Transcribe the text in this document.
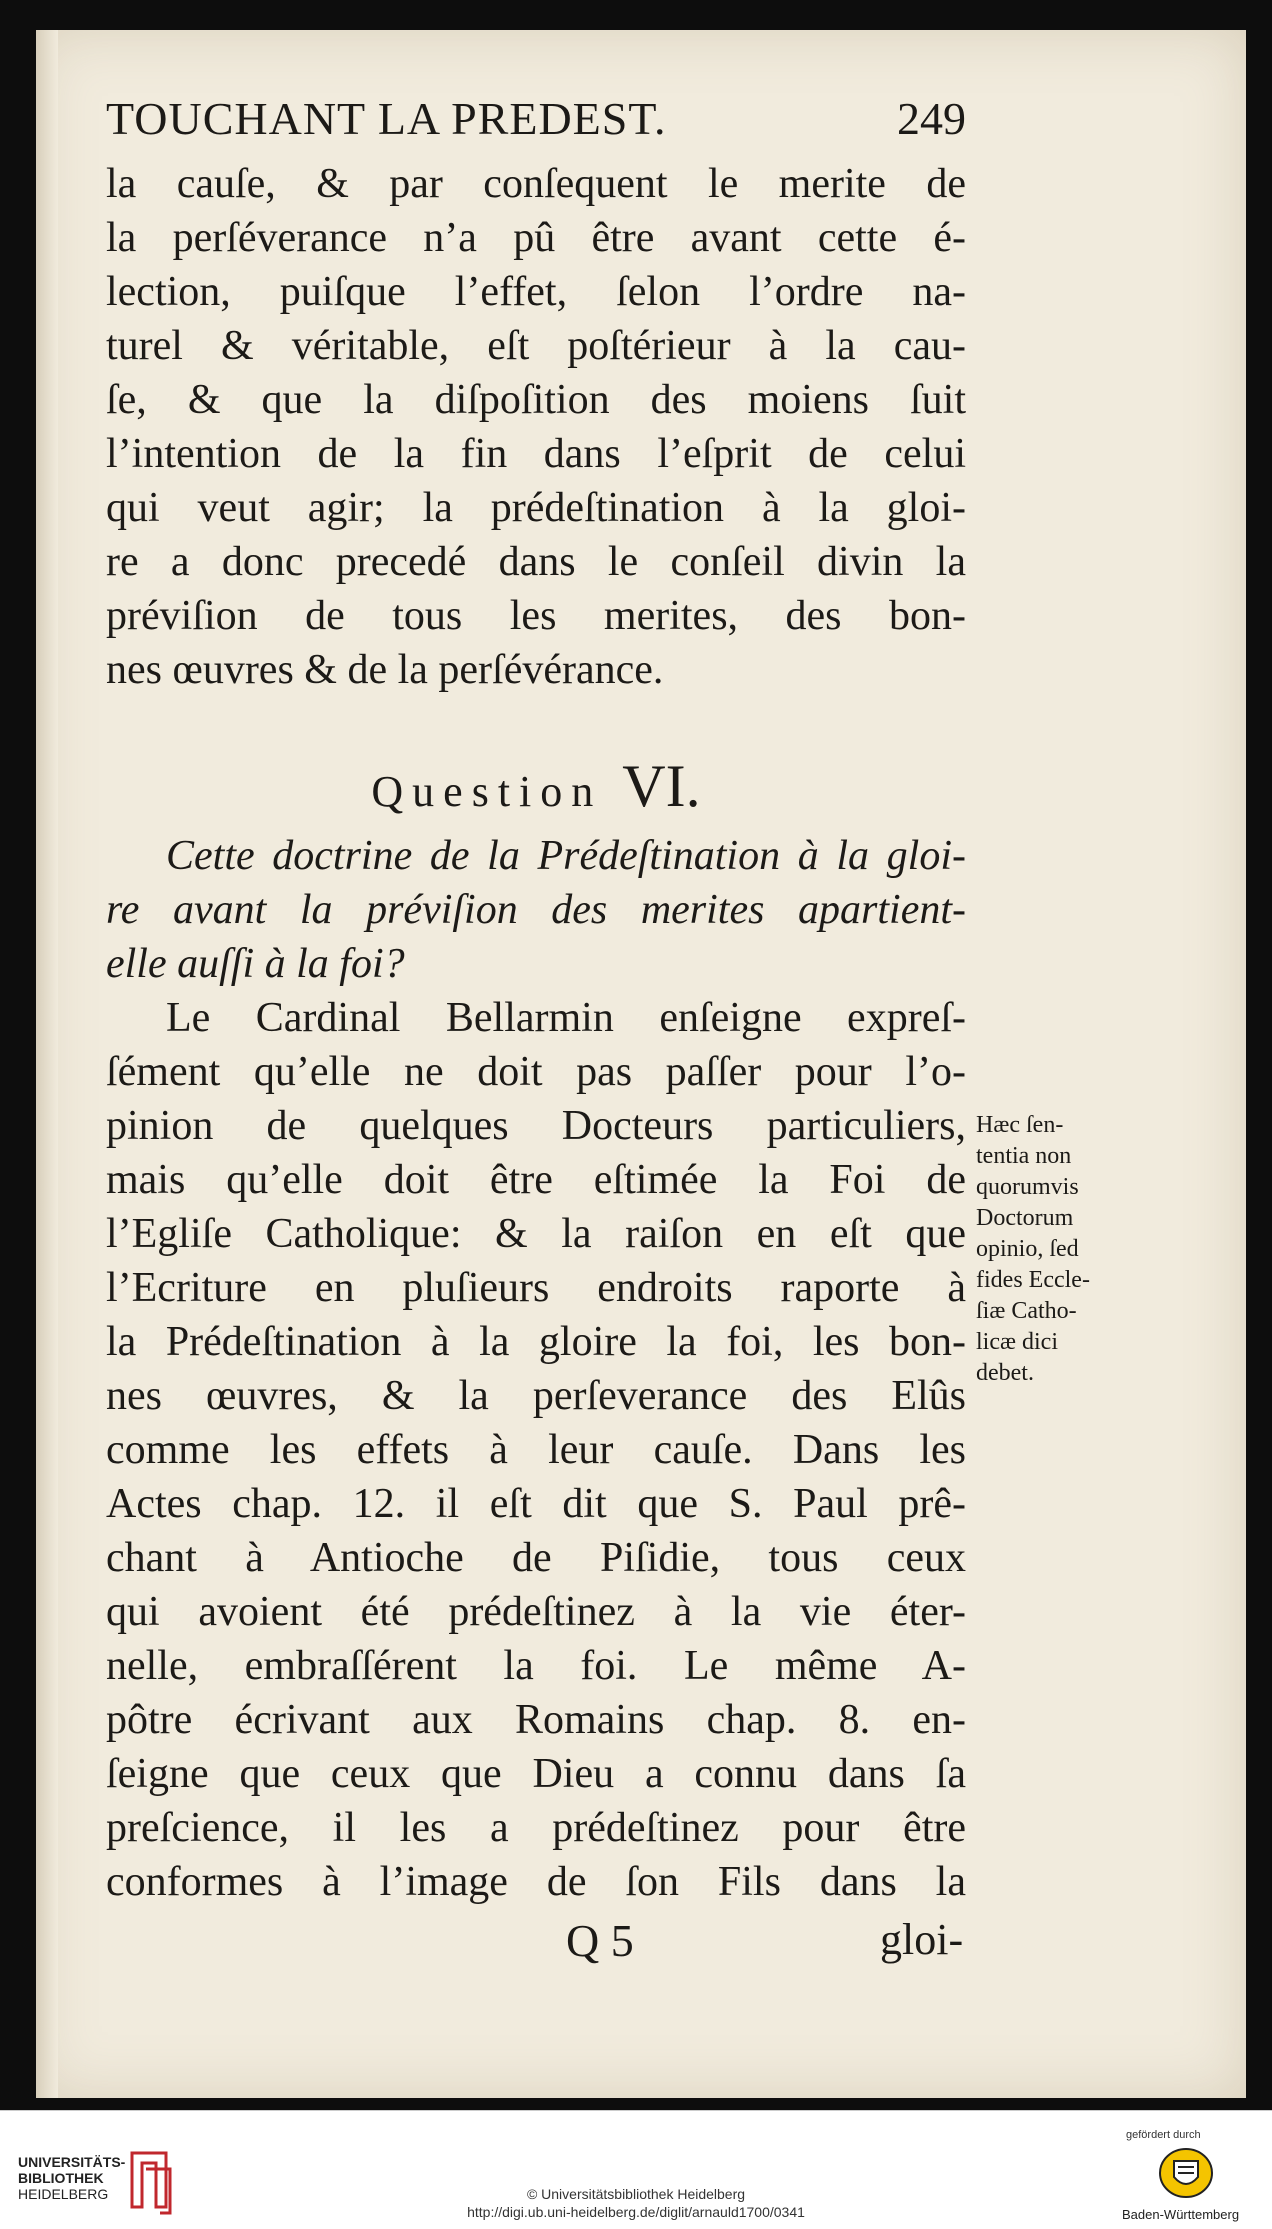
TOUCHANT LA PREDEST.	249
la cauſe, & par conſequent le merite de
la perſéverance n’a pû être avant cette é-
lection, puiſque l’effet, ſelon l’ordre na-
turel & véritable, eſt poſtérieur à la cau-
ſe, & que la diſpoſition des moiens ſuit
l’intention de la fin dans l’eſprit de celui
qui veut agir; la prédeſtination à la gloi-
re a donc precedé dans le conſeil divin la
préviſion de tous les merites, des bon-
nes œuvres & de la perſévérance.
Question VI.
Cette doctrine de la Prédeſtination à la gloi-
re avant la préviſion des merites apartient-
elle auſſi à la foi?
Le Cardinal Bellarmin enſeigne expreſ-
ſément qu’elle ne doit pas paſſer pour l’o-
pinion de quelques Docteurs particuliers,
mais qu’elle doit être eſtimée la Foi de
l’Egliſe Catholique: & la raiſon en eſt que
l’Ecriture en pluſieurs endroits raporte à
la Prédeſtination à la gloire la foi, les bon-
nes œuvres, & la perſeverance des Elûs
comme les effets à leur cauſe. Dans les
Actes chap. 12. il eſt dit que S. Paul prê-
chant à Antioche de Piſidie, tous ceux
qui avoient été prédeſtinez à la vie éter-
nelle, embraſſérent la foi. Le même A-
pôtre écrivant aux Romains chap. 8. en-
ſeigne que ceux que Dieu a connu dans ſa
preſcience, il les a prédeſtinez pour être
conformes à l’image de ſon Fils dans la
Hæc ſen-
tentia non
quorumvis
Doctorum
opinio, ſed
fides Eccle-
ſiæ Catho-
licæ dici
debet.
Q 5	gloi-
UNIVERSITÄTS-
BIBLIOTHEK
HEIDELBERG	© Universitätsbibliothek Heidelberg
http://digi.ub.uni-heidelberg.de/diglit/arnauld1700/0341
gefördert durch
Baden-Württemberg
